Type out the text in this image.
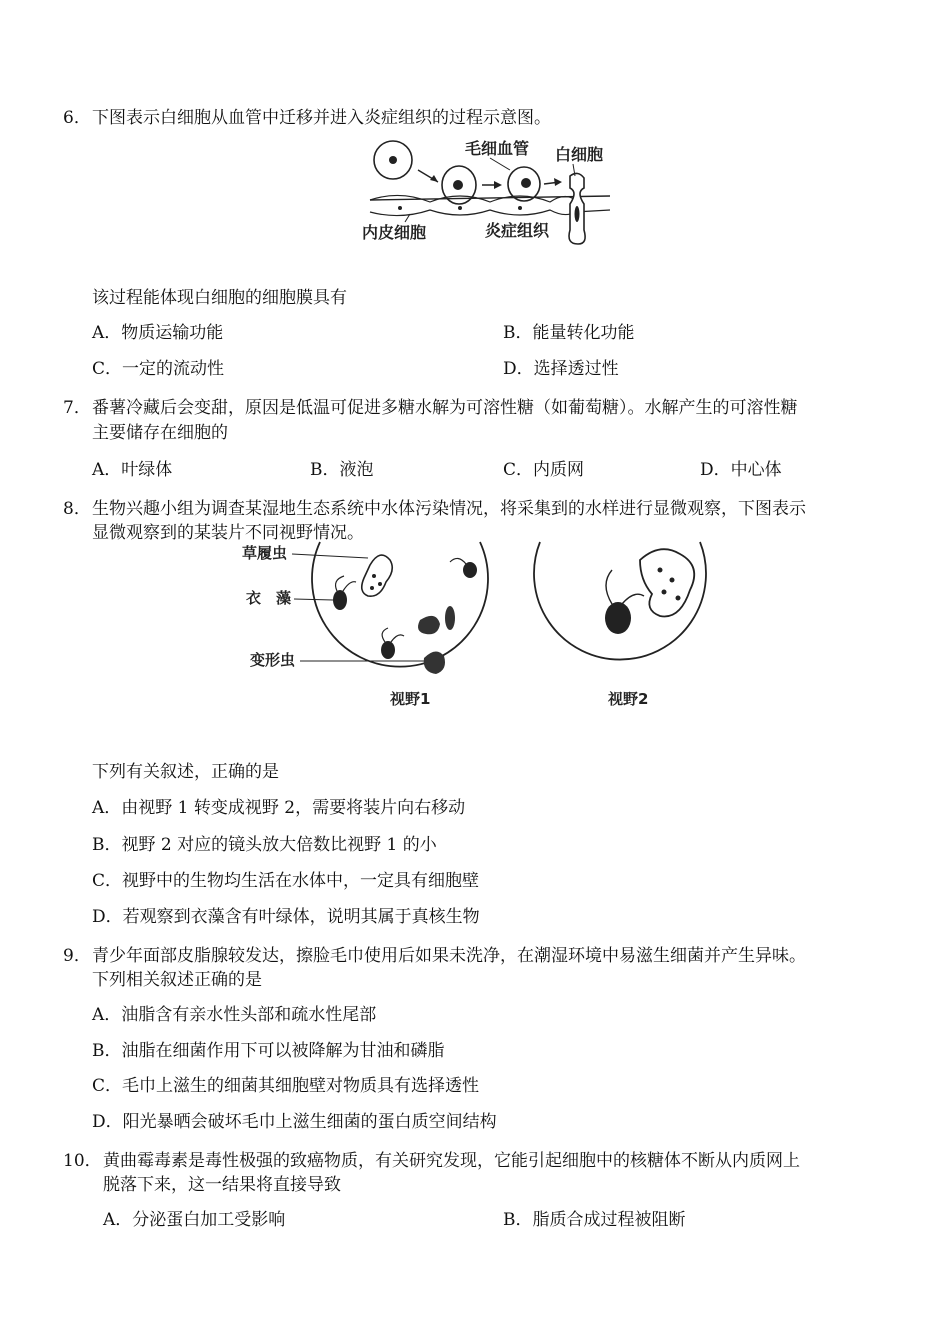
6． 下图表示白细胞从血管中迁移并进入炎症组织的过程示意图。
毛细血管 白细胞
内皮细胞	炎症组织
该过程能体现白细胞的细胞膜具有
A．物质运输功能	B．能量转化功能
C．一定的流动性	D．选择透过性
7． 番薯冷藏后会变甜，原因是低温可促进多糖水解为可溶性糖（如葡萄糖）。水解产生的可溶性糖
主要储存在细胞的
A．叶绿体	B．液泡	C．内质网	D．中心体
8． 生物兴趣小组为调查某湿地生态系统中水体污染情况，将采集到的水样进行显微观察，下图表示
显微观察到的某装片不同视野情况。
草履虫
衣　藻
变形虫
视野1	视野2
下列有关叙述，正确的是
A．由视野 1 转变成视野 2，需要将装片向右移动
B．视野 2 对应的镜头放大倍数比视野 1 的小
C．视野中的生物均生活在水体中，一定具有细胞壁
D．若观察到衣藻含有叶绿体，说明其属于真核生物
9． 青少年面部皮脂腺较发达，擦脸毛巾使用后如果未洗净，在潮湿环境中易滋生细菌并产生异味。
下列相关叙述正确的是
A．油脂含有亲水性头部和疏水性尾部
B．油脂在细菌作用下可以被降解为甘油和磷脂
C．毛巾上滋生的细菌其细胞壁对物质具有选择透性
D．阳光暴晒会破坏毛巾上滋生细菌的蛋白质空间结构
10． 黄曲霉毒素是毒性极强的致癌物质，有关研究发现，它能引起细胞中的核糖体不断从内质网上
脱落下来，这一结果将直接导致
A．分泌蛋白加工受影响	B．脂质合成过程被阻断
